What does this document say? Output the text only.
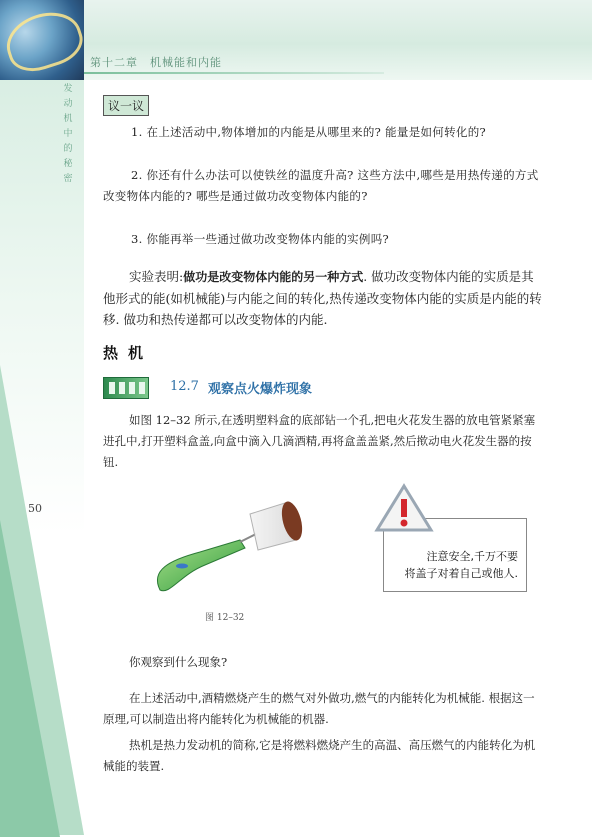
第十二章　机械能和内能
发动机中的秘密
50
议一议
1. 在上述活动中,物体增加的内能是从哪里来的? 能量是如何转化的?
2. 你还有什么办法可以使铁丝的温度升高? 这些方法中,哪些是用热传递的方式改变物体内能的? 哪些是通过做功改变物体内能的?
3. 你能再举一些通过做功改变物体内能的实例吗?
实验表明:做功是改变物体内能的另一种方式. 做功改变物体内能的实质是其他形式的能(如机械能)与内能之间的转化,热传递改变物体内能的实质是内能的转移. 做功和热传递都可以改变物体的内能.
热机
12.7 观察点火爆炸现象
如图 12–32 所示,在透明塑料盒的底部钻一个孔,把电火花发生器的放电管紧紧塞进孔中,打开塑料盒盖,向盒中滴入几滴酒精,再将盒盖盖紧,然后揿动电火花发生器的按钮.
图 12–32
注意安全,千万不要
将盖子对着自己或他人.
你观察到什么现象?
在上述活动中,酒精燃烧产生的燃气对外做功,燃气的内能转化为机械能. 根据这一原理,可以制造出将内能转化为机械能的机器.
热机是热力发动机的简称,它是将燃料燃烧产生的高温、高压燃气的内能转化为机械能的装置.
